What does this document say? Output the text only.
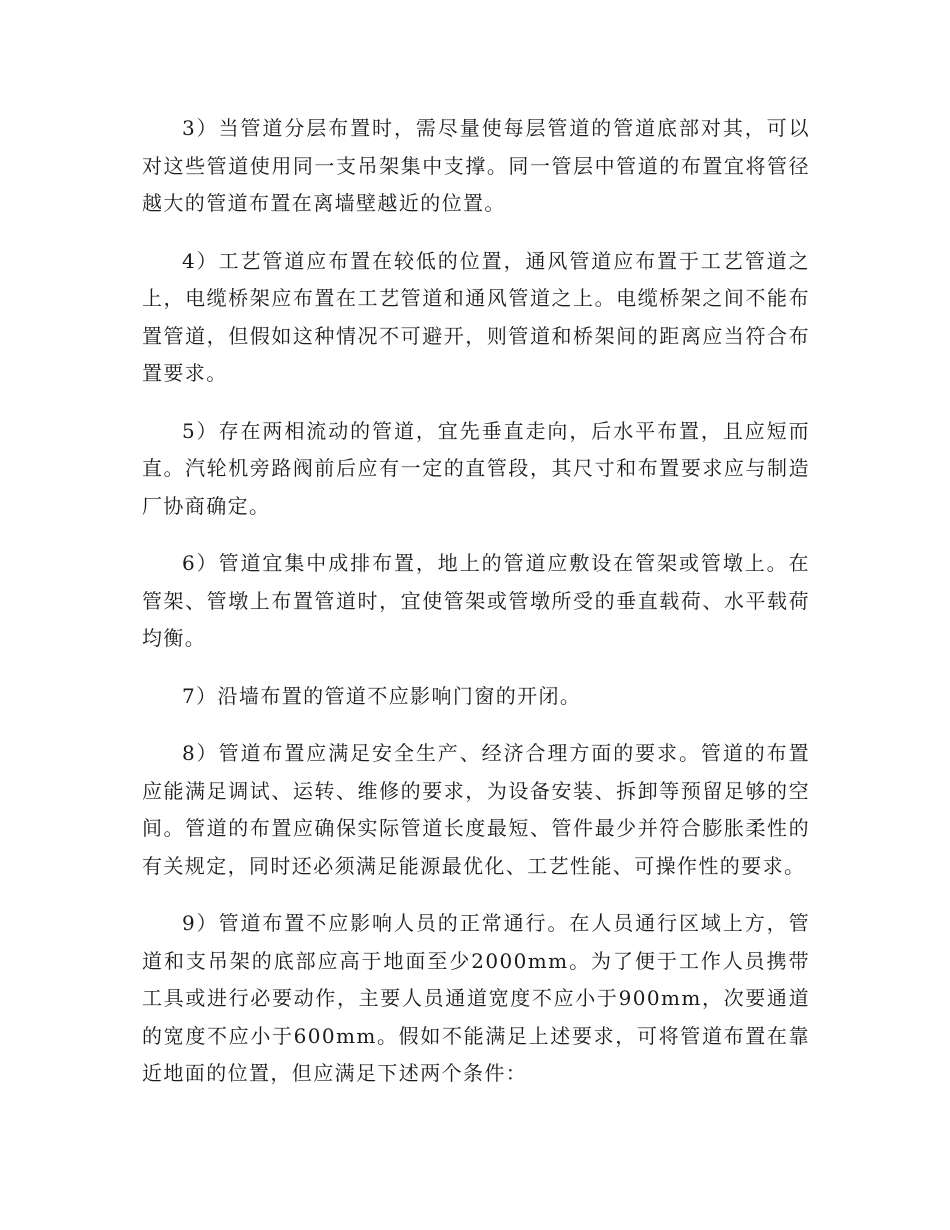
3）当管道分层布置时，需尽量使每层管道的管道底部对其，可以对这些管道使用同一支吊架集中支撑。同一管层中管道的布置宜将管径越大的管道布置在离墙壁越近的位置。

4）工艺管道应布置在较低的位置，通风管道应布置于工艺管道之上，电缆桥架应布置在工艺管道和通风管道之上。电缆桥架之间不能布置管道，但假如这种情况不可避开，则管道和桥架间的距离应当符合布置要求。

5）存在两相流动的管道，宜先垂直走向，后水平布置，且应短而直。汽轮机旁路阀前后应有一定的直管段，其尺寸和布置要求应与制造厂协商确定。

6）管道宜集中成排布置，地上的管道应敷设在管架或管墩上。在管架、管墩上布置管道时，宜使管架或管墩所受的垂直载荷、水平载荷均衡。

7）沿墙布置的管道不应影响门窗的开闭。

8）管道布置应满足安全生产、经济合理方面的要求。管道的布置应能满足调试、运转、维修的要求，为设备安装、拆卸等预留足够的空间。管道的布置应确保实际管道长度最短、管件最少并符合膨胀柔性的有关规定，同时还必须满足能源最优化、工艺性能、可操作性的要求。

9）管道布置不应影响人员的正常通行。在人员通行区域上方，管道和支吊架的底部应高于地面至少2000mm。为了便于工作人员携带工具或进行必要动作，主要人员通道宽度不应小于900mm，次要通道的宽度不应小于600mm。假如不能满足上述要求，可将管道布置在靠近地面的位置，但应满足下述两个条件：
